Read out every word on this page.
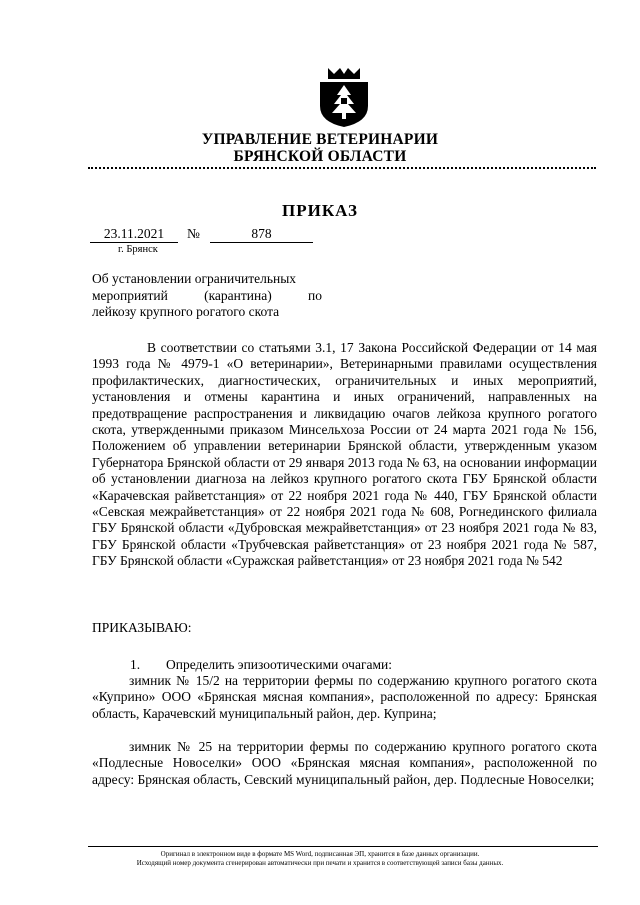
УПРАВЛЕНИЕ ВЕТЕРИНАРИИ
БРЯНСКОЙ ОБЛАСТИ
ПРИКАЗ
23.11.2021	№	878
г. Брянск
Об установлении ограничительных
мероприятий (карантина) по
лейкозу крупного рогатого скота

В соответствии со статьями 3.1, 17 Закона Российской Федерации от 14 мая 1993 года № 4979-1 «О ветеринарии», Ветеринарными правилами осуществления профилактических, диагностических, ограничительных и иных мероприятий, установления и отмены карантина и иных ограничений, направленных на предотвращение распространения и ликвидацию очагов лейкоза крупного рогатого скота, утвержденными приказом Минсельхоза России от 24 марта 2021 года № 156, Положением об управлении ветеринарии Брянской области, утвержденным указом Губернатора Брянской области от 29 января 2013 года № 63, на основании информации об установлении диагноза на лейкоз крупного рогатого скота ГБУ Брянской области «Карачевская райветстанция» от 22 ноября 2021 года № 440, ГБУ Брянской области «Севская межрайветстанция» от 22 ноября 2021 года № 608, Рогнединского филиала ГБУ Брянской области «Дубровская межрайветстанция» от 23 ноября 2021 года № 83, ГБУ Брянской области «Трубчевская райветстанция» от 23 ноября 2021 года № 587, ГБУ Брянской области «Суражская райветстанция» от 23 ноября 2021 года № 542

ПРИКАЗЫВАЮ:
1. Определить эпизоотическими очагами:

зимник № 15/2 на территории фермы по содержанию крупного рогатого скота «Куприно» ООО «Брянская мясная компания», расположенной по адресу: Брянская область, Карачевский муниципальный район, дер. Куприна;

зимник № 25 на территории фермы по содержанию крупного рогатого скота «Подлесные Новоселки» ООО «Брянская мясная компания», расположенной по адресу: Брянская область, Севский муниципальный район, дер. Подлесные Новоселки;

Оригинал в электронном виде в формате MS Word, подписанная ЭП, хранится в базе данных организации.
Исходящий номер документа сгенерирован автоматически при печати и хранится в соответствующей записи базы данных.
